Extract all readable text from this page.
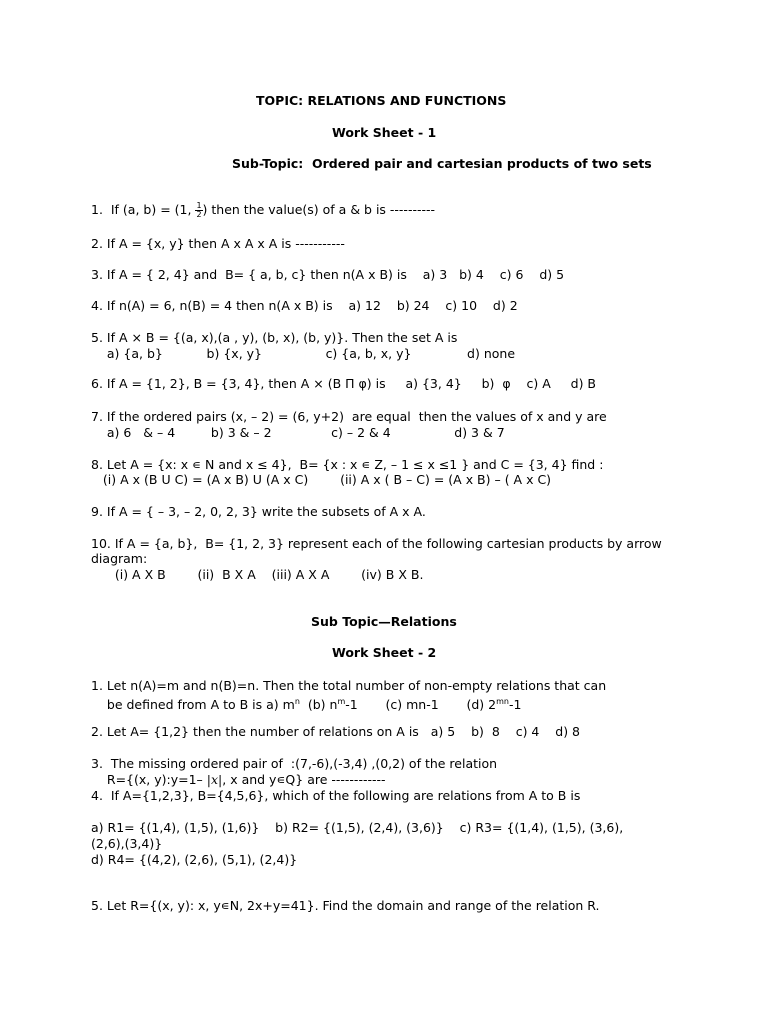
TOPIC: RELATIONS AND FUNCTIONS
Work Sheet - 1
Sub-Topic:  Ordered pair and cartesian products of two sets
1.  If (a, b) = (1, $\frac{1}{2}$ ) then the value(s) of a & b is ----------
2. If A = {x, y} then A x A x A is -----------
3. If A = { 2, 4} and  B= { a, b, c} then n(A x B) is    a) 3   b) 4    c) 6    d) 5
4. If n(A) = 6, n(B) = 4 then n(A x B) is    a) 12    b) 24    c) 10    d) 2
5. If A × B = {(a, x),(a , y), (b, x), (b, y)}. Then the set A is
a) {a, b}           b) {x, y}                c) {a, b, x, y}              d) none
6. If A = {1, 2}, B = {3, 4}, then A × (B Π φ) is     a) {3, 4}     b)  φ    c) A     d) B
7. If the ordered pairs (x, – 2) = (6, y+2)  are equal  then the values of x and y are
a) 6   & – 4         b) 3 & – 2               c) – 2 & 4                d) 3 & 7
8. Let A = {x: x ∊ N and x ≤ 4},  B= {x : x ∊ Z, – 1 ≤ x ≤1 } and C = {3, 4} find :
(i) A x (B U C) = (A x B) U (A x C)        (ii) A x ( B – C) = (A x B) – ( A x C)
9. If A = { – 3, – 2, 0, 2, 3} write the subsets of A x A.
10. If A = {a, b},  B= {1, 2, 3} represent each of the following cartesian products by arrow
diagram:
(i) A X B        (ii)  B X A    (iii) A X A        (iv) B X B.
Sub Topic—Relations
Work Sheet - 2
1. Let n(A)=m and n(B)=n. Then the total number of non-empty relations that can
be defined from A to B is a) $m^n$  (b) $n^m-1$       (c) mn-1       (d) $2^{mn}-1$
2. Let A= {1,2} then the number of relations on A is   a) 5    b)  8    c) 4    d) 8
3.  The missing ordered pair of  :(7,-6),(-3,4) ,(0,2) of the relation
R={(x, y):y=1– |x|, x and y∊Q} are ------------
4.  If A={1,2,3}, B={4,5,6}, which of the following are relations from A to B is
a) R1= {(1,4), (1,5), (1,6)}    b) R2= {(1,5), (2,4), (3,6)}    c) R3= {(1,4), (1,5), (3,6),
(2,6),(3,4)}
d) R4= {(4,2), (2,6), (5,1), (2,4)}
5. Let R={(x, y): x, y∊N, 2x+y=41}. Find the domain and range of the relation R.
